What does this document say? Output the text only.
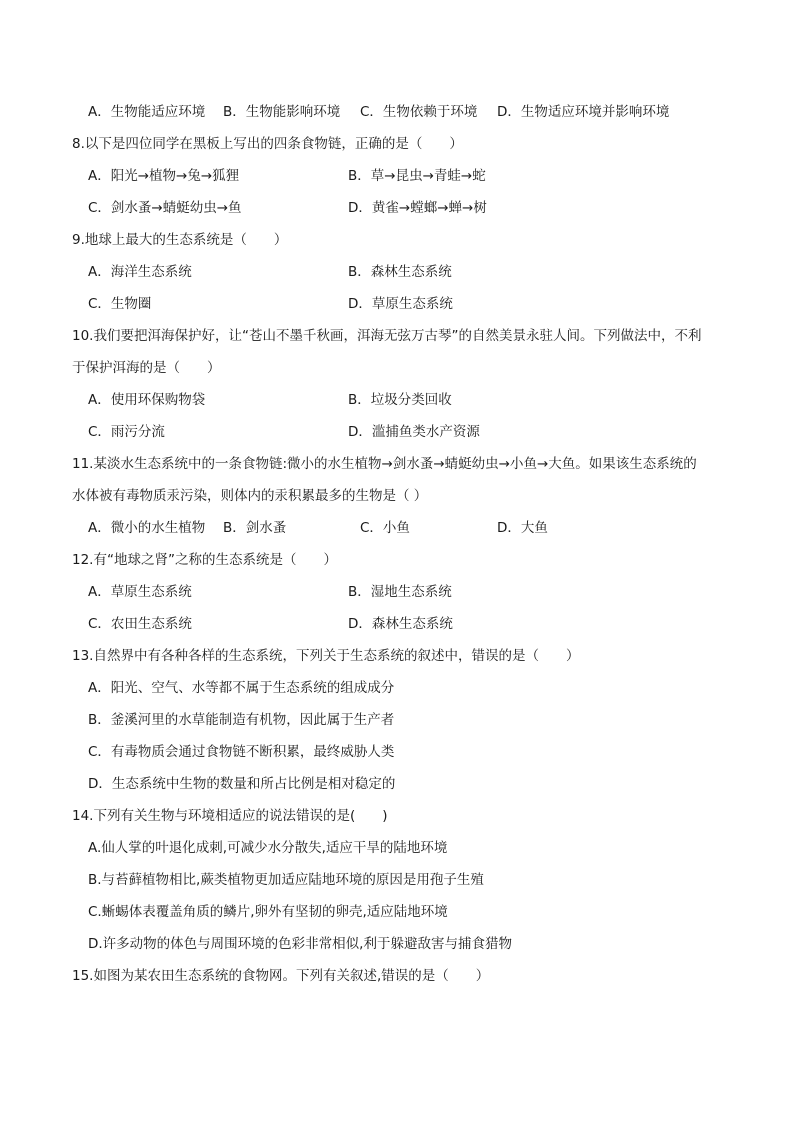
A．生物能适应环境	B．生物能影响环境	C．生物依赖于环境	D．生物适应环境并影响环境
8.以下是四位同学在黑板上写出的四条食物链，正确的是（　　）
A．阳光→植物→兔→狐狸	B．草→昆虫→青蛙→蛇
C．剑水蚤→蜻蜓幼虫→鱼	D．黄雀→螳螂→蝉→树
9.地球上最大的生态系统是（　　）
A．海洋生态系统	B．森林生态系统
C．生物圈	D．草原生态系统
10.我们要把洱海保护好，让“苍山不墨千秋画，洱海无弦万古琴”的自然美景永驻人间。下列做法中，不利
于保护洱海的是（　　）
A．使用环保购物袋	B．垃圾分类回收
C．雨污分流	D．滥捕鱼类水产资源
11.某淡水生态系统中的一条食物链:微小的水生植物→剑水蚤→蜻蜓幼虫→小鱼→大鱼。如果该生态系统的
水体被有毒物质汞污染，则体内的汞积累最多的生物是（ ）
A．微小的水生植物	B．剑水蚤	C．小鱼	D．大鱼
12.有“地球之肾”之称的生态系统是（　　）
A．草原生态系统	B．湿地生态系统
C．农田生态系统	D．森林生态系统
13.自然界中有各种各样的生态系统，下列关于生态系统的叙述中，错误的是（　　）
A．阳光、空气、水等都不属于生态系统的组成成分
B．釜溪河里的水草能制造有机物，因此属于生产者
C．有毒物质会通过食物链不断积累，最终威胁人类
D．生态系统中生物的数量和所占比例是相对稳定的
14.下列有关生物与环境相适应的说法错误的是(　　)
A.仙人掌的叶退化成刺,可减少水分散失,适应干旱的陆地环境
B.与苔藓植物相比,蕨类植物更加适应陆地环境的原因是用孢子生殖
C.蜥蜴体表覆盖角质的鳞片,卵外有坚韧的卵壳,适应陆地环境
D.许多动物的体色与周围环境的色彩非常相似,利于躲避敌害与捕食猎物
15.如图为某农田生态系统的食物网。下列有关叙述,错误的是（　　）
